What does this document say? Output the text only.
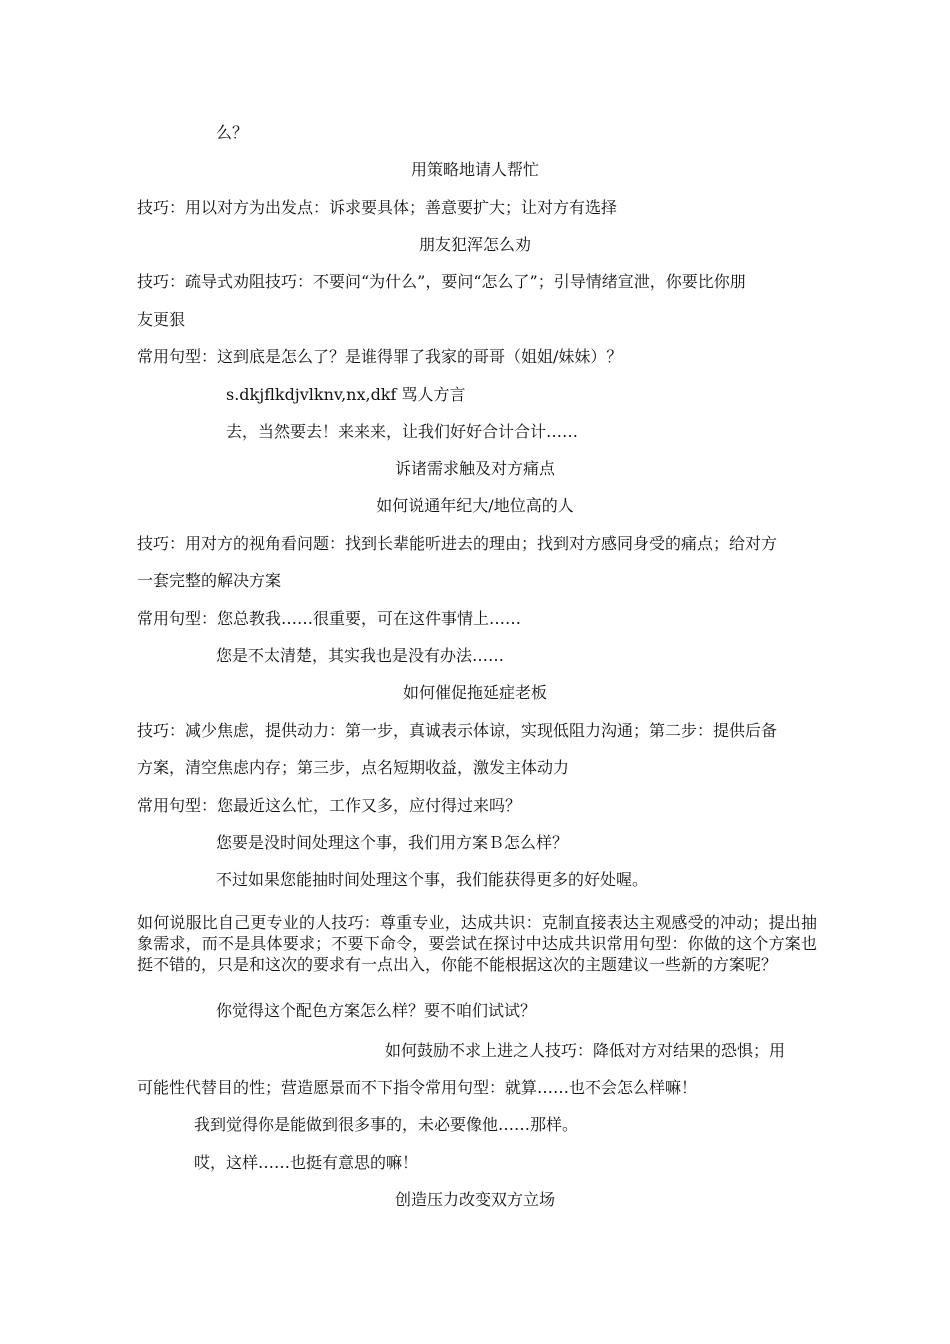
么？
用策略地请人帮忙
技巧：用以对方为出发点：诉求要具体；善意要扩大；让对方有选择
朋友犯浑怎么劝
技巧：疏导式劝阻技巧：不要问“为什么”，要问“怎么了”；引导情绪宣泄，你要比你朋
友更狠
常用句型：这到底是怎么了？是谁得罪了我家的哥哥（姐姐/妹妹）？
s.dkjflkdjvlknv,nx,dkf 骂人方言
去，当然要去！来来来，让我们好好合计合计……
诉诸需求触及对方痛点
如何说通年纪大/地位高的人
技巧：用对方的视角看问题：找到长辈能听进去的理由；找到对方感同身受的痛点；给对方
一套完整的解决方案
常用句型：您总教我……很重要，可在这件事情上……
您是不太清楚，其实我也是没有办法……
如何催促拖延症老板
技巧：减少焦虑，提供动力：第一步，真诚表示体谅，实现低阻力沟通；第二步：提供后备
方案，清空焦虑内存；第三步，点名短期收益，激发主体动力
常用句型：您最近这么忙，工作又多，应付得过来吗？
您要是没时间处理这个事，我们用方案Ｂ怎么样？
不过如果您能抽时间处理这个事，我们能获得更多的好处喔。
如何说服比自己更专业的人技巧：尊重专业，达成共识：克制直接表达主观感受的冲动；提出抽象需求，而不是具体要求；不要下命令，要尝试在探讨中达成共识常用句型：你做的这个方案也挺不错的，只是和这次的要求有一点出入，你能不能根据这次的主题建议一些新的方案呢？
你觉得这个配色方案怎么样？要不咱们试试？
如何鼓励不求上进之人技巧：降低对方对结果的恐惧；用
可能性代替目的性；营造愿景而不下指令常用句型：就算……也不会怎么样嘛！
我到觉得你是能做到很多事的，未必要像他……那样。
哎，这样……也挺有意思的嘛！
创造压力改变双方立场
